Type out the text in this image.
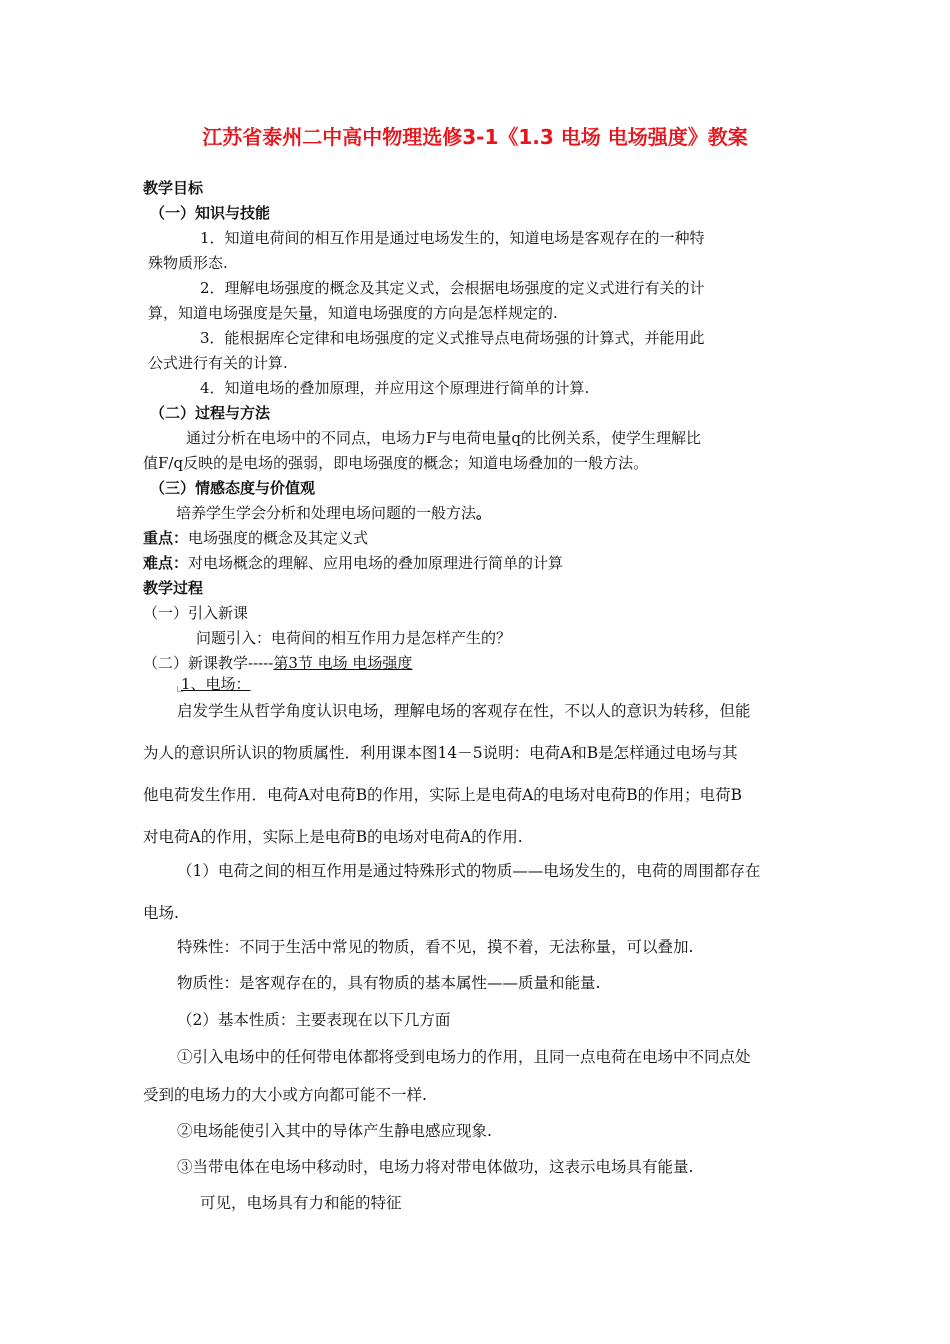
江苏省泰州二中高中物理选修3-1《1.3 电场 电场强度》教案
教学目标
（一）知识与技能
1．知道电荷间的相互作用是通过电场发生的，知道电场是客观存在的一种特
殊物质形态.
2．理解电场强度的概念及其定义式，会根据电场强度的定义式进行有关的计
算，知道电场强度是矢量，知道电场强度的方向是怎样规定的.
3．能根据库仑定律和电场强度的定义式推导点电荷场强的计算式，并能用此
公式进行有关的计算.
4．知道电场的叠加原理，并应用这个原理进行简单的计算.
（二）过程与方法
通过分析在电场中的不同点，电场力F与电荷电量q的比例关系，使学生理解比
值F/q反映的是电场的强弱，即电场强度的概念；知道电场叠加的一般方法。
（三）情感态度与价值观
培养学生学会分析和处理电场问题的一般方法。
重点：电场强度的概念及其定义式
难点：对电场概念的理解、应用电场的叠加原理进行简单的计算
教学过程
（一）引入新课
问题引入：电荷间的相互作用力是怎样产生的？
（二）新课教学-----第3节 电场 电场强度
1、电场：
启发学生从哲学角度认识电场，理解电场的客观存在性，不以人的意识为转移，但能
为人的意识所认识的物质属性．利用课本图14－5说明：电荷A和B是怎样通过电场与其
他电荷发生作用．电荷A对电荷B的作用，实际上是电荷A的电场对电荷B的作用；电荷B
对电荷A的作用，实际上是电荷B的电场对电荷A的作用.
（1）电荷之间的相互作用是通过特殊形式的物质——电场发生的，电荷的周围都存在
电场.
特殊性：不同于生活中常见的物质，看不见，摸不着，无法称量，可以叠加.
物质性：是客观存在的，具有物质的基本属性——质量和能量.
（2）基本性质：主要表现在以下几方面
①引入电场中的任何带电体都将受到电场力的作用，且同一点电荷在电场中不同点处
受到的电场力的大小或方向都可能不一样.
②电场能使引入其中的导体产生静电感应现象.
③当带电体在电场中移动时，电场力将对带电体做功，这表示电场具有能量.
可见，电场具有力和能的特征
